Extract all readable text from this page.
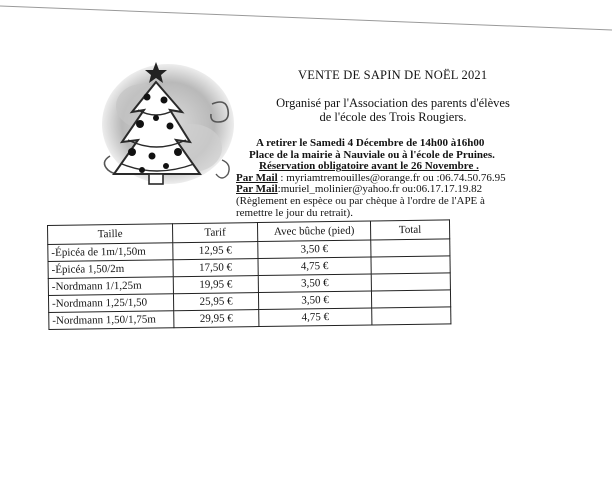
VENTE DE SAPIN DE NOËL 2021
Organisé par l'Association des parents d'élèves
de l'école des Trois Rougiers.
A retirer le Samedi 4 Décembre de 14h00 à16h00
Place de la mairie à Nauviale ou à l'école de Pruines.
Réservation obligatoire avant le 26 Novembre .
Par Mail : myriamtremouilles@orange.fr ou :06.74.50.76.95
Par Mail:muriel_molinier@yahoo.fr ou:06.17.17.19.82
(Règlement en espèce ou par chèque à l'ordre de l'APE à
remettre le jour du retrait).
Taille	Tarif	Avec bûche (pied)	Total
-Épicéa de 1m/1,50m	12,95 €	3,50 €	
-Épicéa 1,50/2m	17,50 €	4,75 €	
-Nordmann 1/1,25m	19,95 €	3,50 €	
-Nordmann 1,25/1,50	25,95 €	3,50 €	
-Nordmann 1,50/1,75m	29,95 €	4,75 €	
